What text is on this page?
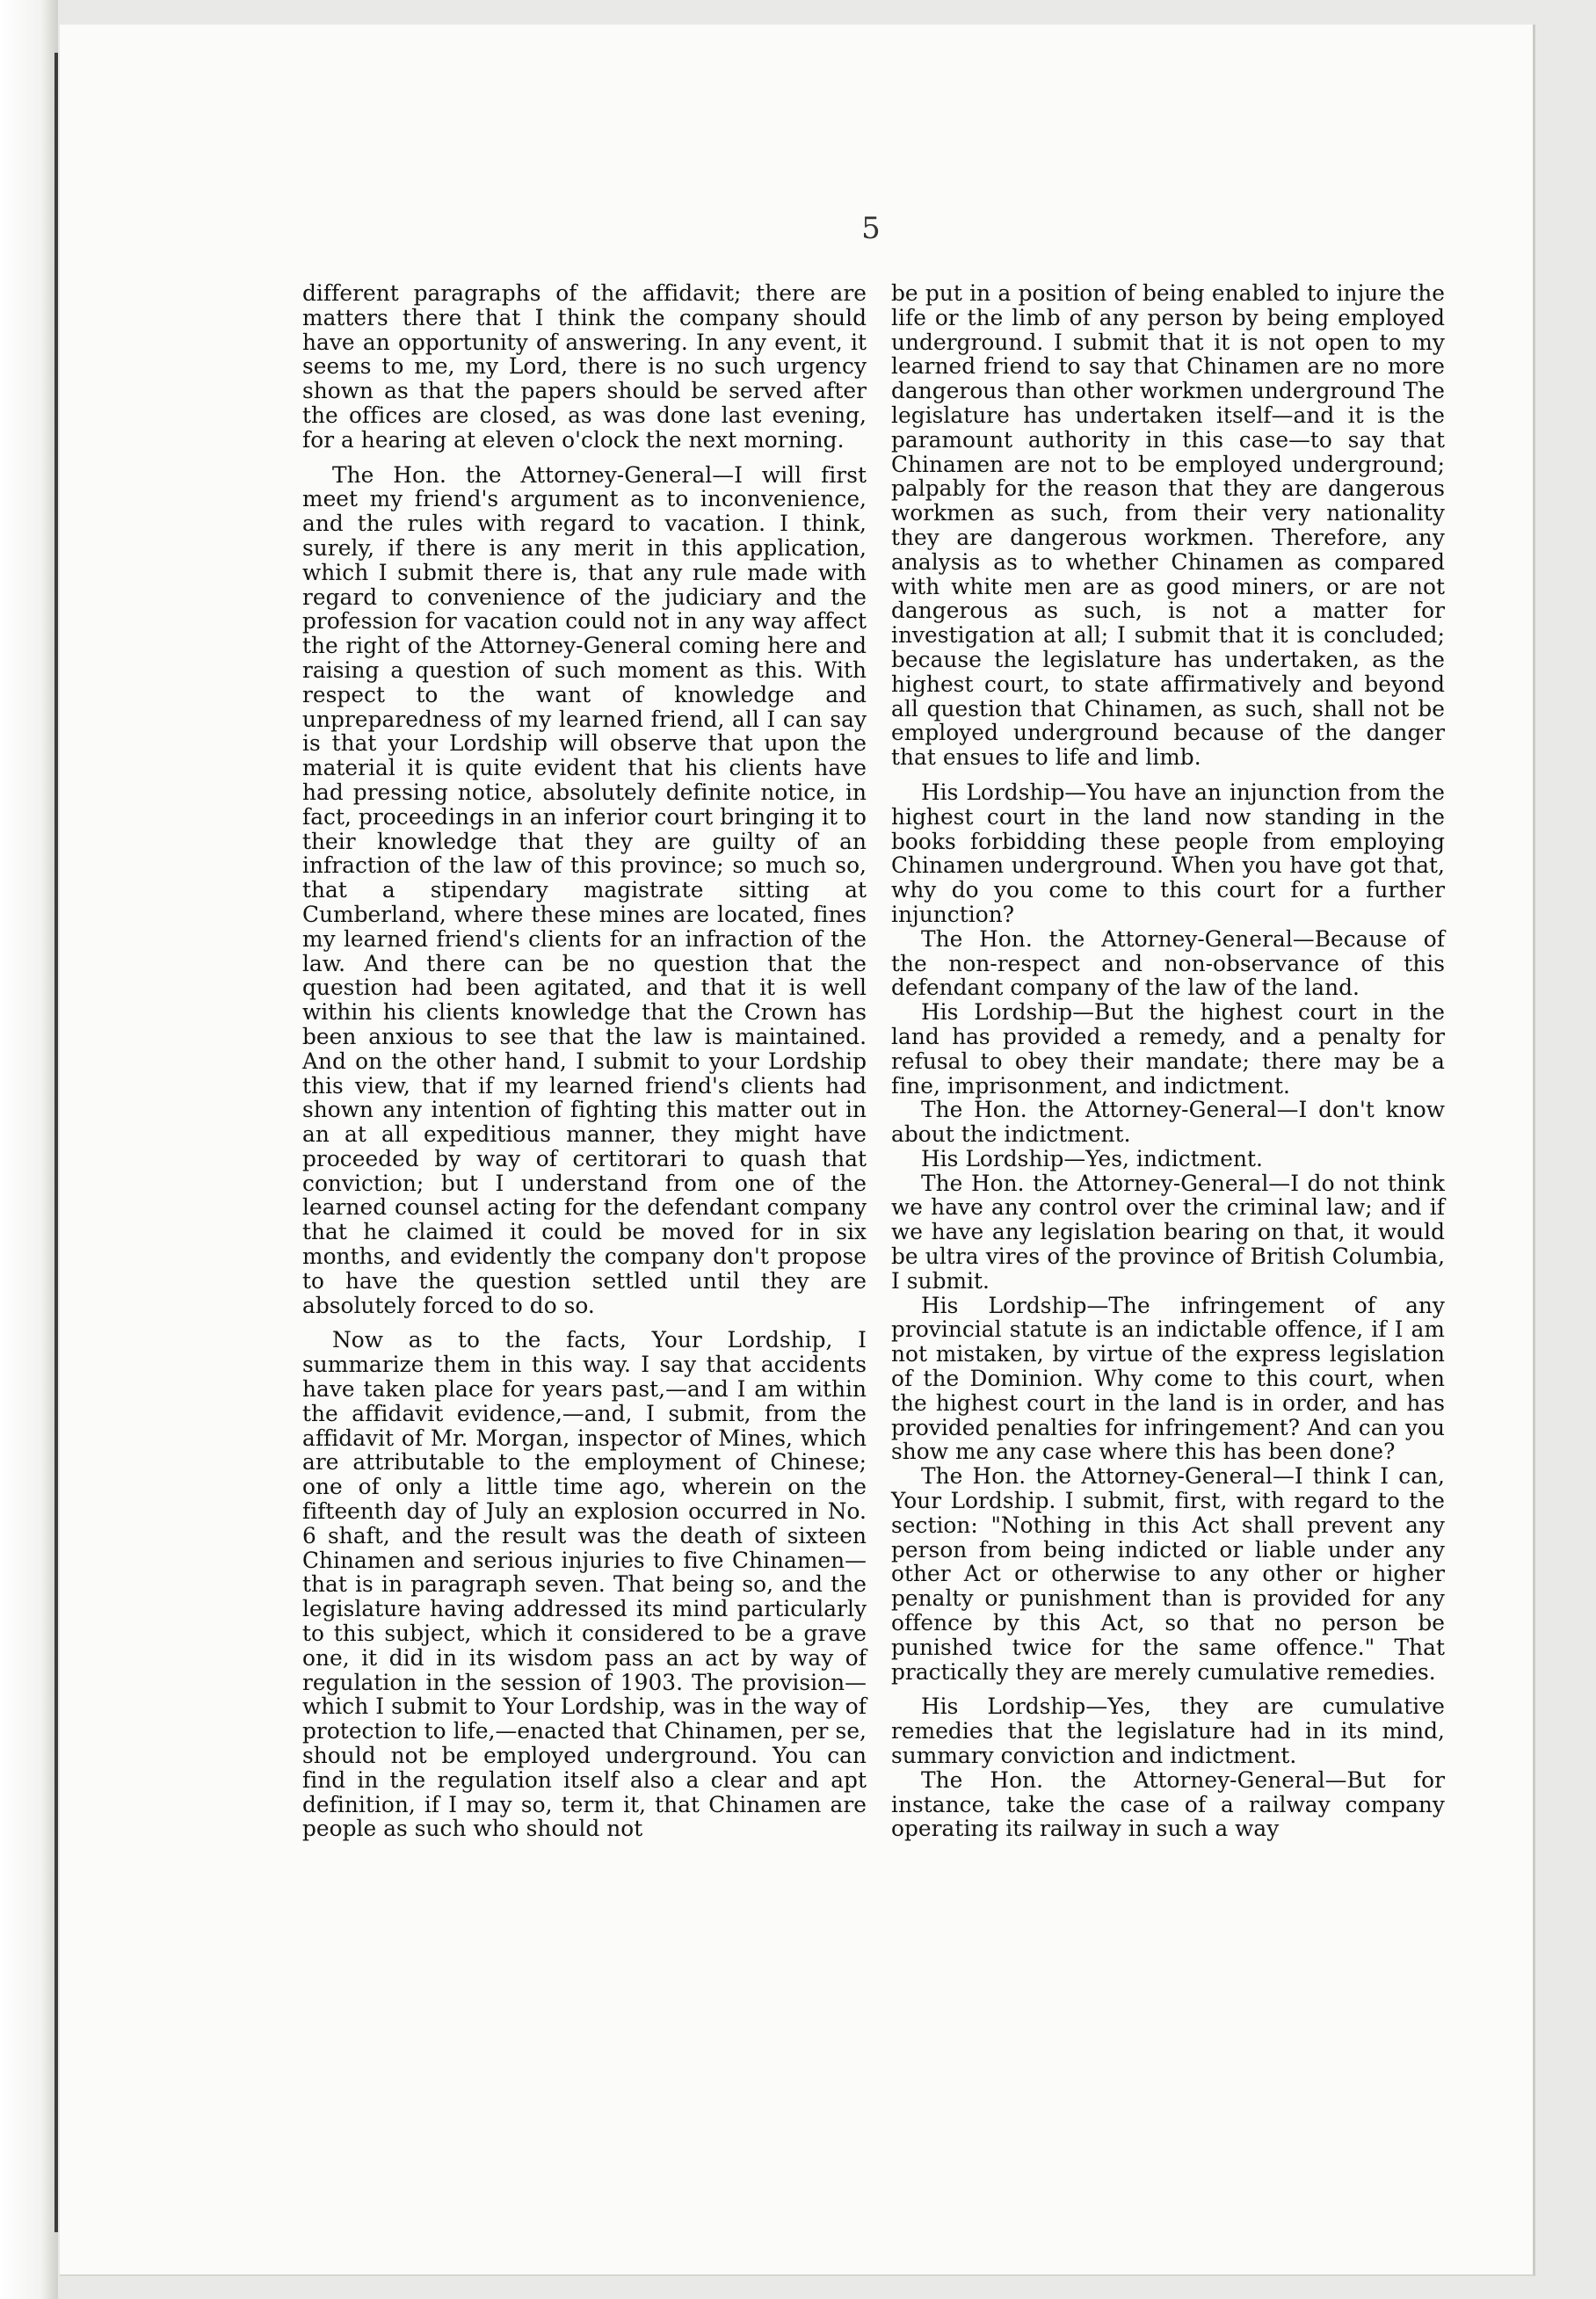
5

different paragraphs of the affidavit; there are matters there that I think the company should have an opportunity of answering. In any event, it seems to me, my Lord, there is no such urgency shown as that the papers should be served after the offices are closed, as was done last evening, for a hearing at eleven o'clock the next morning.

The Hon. the Attorney-General—I will first meet my friend's argument as to inconvenience, and the rules with regard to vacation. I think, surely, if there is any merit in this application, which I submit there is, that any rule made with regard to convenience of the judiciary and the profession for vacation could not in any way affect the right of the Attorney-General coming here and raising a question of such moment as this. With respect to the want of knowledge and unpreparedness of my learned friend, all I can say is that your Lordship will observe that upon the material it is quite evident that his clients have had pressing notice, absolutely definite notice, in fact, proceedings in an inferior court bringing it to their knowledge that they are guilty of an infraction of the law of this province; so much so, that a stipendary magistrate sitting at Cumberland, where these mines are located, fines my learned friend's clients for an infraction of the law. And there can be no question that the question had been agitated, and that it is well within his clients knowledge that the Crown has been anxious to see that the law is maintained. And on the other hand, I submit to your Lordship this view, that if my learned friend's clients had shown any intention of fighting this matter out in an at all expeditious manner, they might have proceeded by way of certitorari to quash that conviction; but I understand from one of the learned counsel acting for the defendant company that he claimed it could be moved for in six months, and evidently the company don't propose to have the question settled until they are absolutely forced to do so.

Now as to the facts, Your Lordship, I summarize them in this way. I say that accidents have taken place for years past,—and I am within the affidavit evidence,—and, I submit, from the affidavit of Mr. Morgan, inspector of Mines, which are attributable to the employment of Chinese; one of only a little time ago, wherein on the fifteenth day of July an explosion occurred in No. 6 shaft, and the result was the death of sixteen Chinamen and serious injuries to five Chinamen—that is in paragraph seven. That being so, and the legislature having addressed its mind particularly to this subject, which it considered to be a grave one, it did in its wisdom pass an act by way of regulation in the session of 1903. The provision—which I submit to Your Lordship, was in the way of protection to life,—enacted that Chinamen, per se, should not be employed underground. You can find in the regulation itself also a clear and apt definition, if I may so, term it, that Chinamen are people as such who should not

be put in a position of being enabled to injure the life or the limb of any person by being employed underground. I submit that it is not open to my learned friend to say that Chinamen are no more dangerous than other workmen underground The legislature has undertaken itself—and it is the paramount authority in this case—to say that Chinamen are not to be employed underground; palpably for the reason that they are dangerous workmen as such, from their very nationality they are dangerous workmen. Therefore, any analysis as to whether Chinamen as compared with white men are as good miners, or are not dangerous as such, is not a matter for investigation at all; I submit that it is concluded; because the legislature has undertaken, as the highest court, to state affirmatively and beyond all question that Chinamen, as such, shall not be employed underground because of the danger that ensues to life and limb.

His Lordship—You have an injunction from the highest court in the land now standing in the books forbidding these people from employing Chinamen underground. When you have got that, why do you come to this court for a further injunction?

The Hon. the Attorney-General—Because of the non-respect and non-observance of this defendant company of the law of the land.

His Lordship—But the highest court in the land has provided a remedy, and a penalty for refusal to obey their mandate; there may be a fine, imprisonment, and indictment.

The Hon. the Attorney-General—I don't know about the indictment.

His Lordship—Yes, indictment.

The Hon. the Attorney-General—I do not think we have any control over the criminal law; and if we have any legislation bearing on that, it would be ultra vires of the province of British Columbia, I submit.

His Lordship—The infringement of any provincial statute is an indictable offence, if I am not mistaken, by virtue of the express legislation of the Dominion. Why come to this court, when the highest court in the land is in order, and has provided penalties for infringement? And can you show me any case where this has been done?

The Hon. the Attorney-General—I think I can, Your Lordship. I submit, first, with regard to the section: "Nothing in this Act shall prevent any person from being indicted or liable under any other Act or otherwise to any other or higher penalty or punishment than is provided for any offence by this Act, so that no person be punished twice for the same offence." That practically they are merely cumulative remedies.

His Lordship—Yes, they are cumulative remedies that the legislature had in its mind, summary conviction and indictment.

The Hon. the Attorney-General—But for instance, take the case of a railway company operating its railway in such a way
